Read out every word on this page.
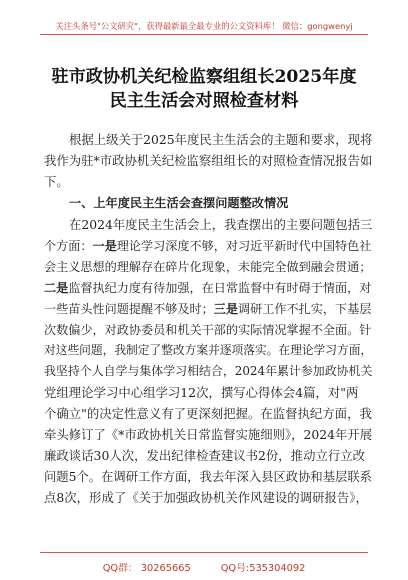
关注头条号"公文研究"，获得最新最全最专业的公文资料库！ 微信：gongwenyj
驻市政协机关纪检监察组组长2025年度
民主生活会对照检查材料
根据上级关于2025年度民主生活会的主题和要求，现将
我作为驻*市政协机关纪检监察组组长的对照检查情况报告如
下。
一、上年度民主生活会查摆问题整改情况
在2024年度民主生活会上，我查摆出的主要问题包括三
个方面：一是理论学习深度不够，对习近平新时代中国特色社
会主义思想的理解存在碎片化现象，未能完全做到融会贯通；
二是监督执纪力度有待加强，在日常监督中有时碍于情面，对
一些苗头性问题提醒不够及时；三是调研工作不扎实，下基层
次数偏少，对政协委员和机关干部的实际情况掌握不全面。针
对这些问题，我制定了整改方案并逐项落实。在理论学习方面，
我坚持个人自学与集体学习相结合，2024年累计参加政协机关
党组理论学习中心组学习12次，撰写心得体会4篇，对"两
个确立"的决定性意义有了更深刻把握。在监督执纪方面，我
牵头修订了《*市政协机关日常监督实施细则》，2024年开展
廉政谈话30人次，发出纪律检查建议书2份，推动立行立改
问题5个。在调研工作方面，我去年深入县区政协和基层联系
点8次，形成了《关于加强政协机关作风建设的调研报告》，
QQ群： 30265665	QQ号:535304092
